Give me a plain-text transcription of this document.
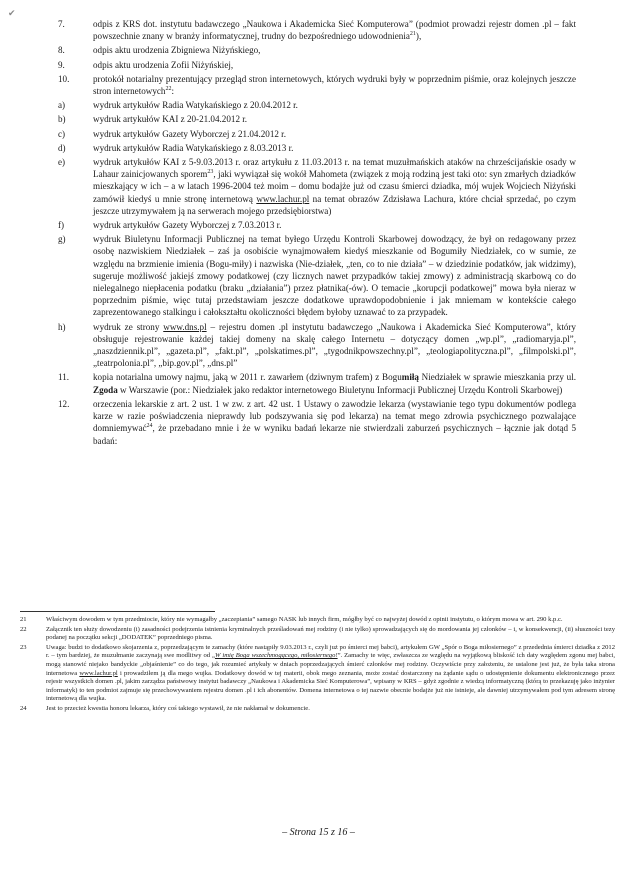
✔
7.	odpis z KRS dot. instytutu badawczego „Naukowa i Akademicka Sieć Komputerowa” (podmiot prowadzi rejestr domen .pl – fakt powszechnie znany w branży informatycznej, trudny do bezpośredniego udowodnienia$^{21}$),
8.	odpis aktu urodzenia Zbigniewa Niżyńskiego,
9.	odpis aktu urodzenia Zofii Niżyńskiej,
10.	protokół notarialny prezentujący przegląd stron internetowych, których wydruki były w poprzednim piśmie, oraz kolejnych jeszcze stron internetowych$^{22}$:
a)	wydruk artykułów Radia Watykańskiego z 20.04.2012 r.
b)	wydruk artykułów KAI z 20-21.04.2012 r.
c)	wydruk artykułów Gazety Wyborczej z 21.04.2012 r.
d)	wydruk artykułów Radia Watykańskiego z 8.03.2013 r.
e)	wydruk artykułów KAI z 5-9.03.2013 r. oraz artykułu z 11.03.2013 r. na temat muzułmańskich ataków na chrześcijańskie osady w Lahaur zainicjowanych sporem$^{23}$, jaki wywiązał się wokół Mahometa (związek z moją rodziną jest taki oto: syn zmarłych dziadków mieszkający w ich – a w latach 1996-2004 też moim – domu bodajże już od czasu śmierci dziadka, mój wujek Wojciech Niżyński zamówił kiedyś u mnie stronę internetową www.lachur.pl na temat obrazów Zdzisława Lachura, które chciał sprzedać, po czym jeszcze utrzymywałem ją na serwerach mojego przedsiębiorstwa)
f)	wydruk artykułów Gazety Wyborczej z 7.03.2013 r.
g)	wydruk Biuletynu Informacji Publicznej na temat byłego Urzędu Kontroli Skarbowej dowodzący, że był on redagowany przez osobę nazwiskiem Niedziałek – zaś ja osobiście wynajmowałem kiedyś mieszkanie od Bogumiły Niedziałek, co w sumie, ze względu na brzmienie imienia (Bogu-miły) i nazwiska (Nie-działek, „ten, co to nie działa” – w dziedzinie podatków, jak widzimy), sugeruje możliwość jakiejś zmowy podatkowej (czy licznych nawet przypadków takiej zmowy) z administracją skarbową co do nielegalnego niepłacenia podatku (braku „działania”) przez płatnika(-ów). O temacie „korupcji podatkowej” mowa była nieraz w poprzednim piśmie, więc tutaj przedstawiam jeszcze dodatkowe uprawdopodobnienie i jak mniemam w kontekście całego zaprezentowanego stalkingu i całokształtu okoliczności błędem byłoby uznawać to za przypadek.
h)	wydruk ze strony www.dns.pl – rejestru domen .pl instytutu badawczego „Naukowa i Akademicka Sieć Komputerowa”, który obsługuje rejestrowanie każdej takiej domeny na skalę całego Internetu – dotyczący domen „wp.pl”, „radiomaryja.pl”, „naszdziennik.pl”, „gazeta.pl”, „fakt.pl”, „polskatimes.pl”, „tygodnikpowszechny.pl”, „teologiapolityczna.pl”, „filmpolski.pl”, „teatrpolonia.pl”, „bip.gov.pl”, „dns.pl”
11.	kopia notarialna umowy najmu, jaką w 2011 r. zawarłem (dziwnym trafem) z Bogumiłą Niedziałek w sprawie mieszkania przy ul. Zgoda w Warszawie (por.: Niedziałek jako redaktor internetowego Biuletynu Informacji Publicznej Urzędu Kontroli Skarbowej)
12.	orzeczenia lekarskie z art. 2 ust. 1 w zw. z art. 42 ust. 1 Ustawy o zawodzie lekarza (wystawianie tego typu dokumentów podlega karze w razie poświadczenia nieprawdy lub podszywania się pod lekarza) na temat mego zdrowia psychicznego pozwalające domniemywać$^{24}$, że przebadano mnie i że w wyniku badań lekarze nie stwierdzali zaburzeń psychicznych – łącznie jak dotąd 5 badań:
21	Właściwym dowodem w tym przedmiocie, który nie wymagałby „zaczepiania” samego NASK lub innych firm, mógłby być co najwyżej dowód z opinii instytutu, o którym mowa w art. 290 k.p.c.
22	Załącznik ten służy dowodzeniu (i) zasadności podejrzenia istnienia kryminalnych prześladowań mej rodziny (i nie tylko) sprowadzających się do mordowania jej członków – i, w konsekwencji, (ii) słuszności tezy podanej na początku sekcji „DODATEK” poprzedniego pisma.
23	Uwaga: budzi to dodatkowo skojarzenia z, poprzedzającym te zamachy (które nastąpiły 9.03.2013 r., czyli już po śmierci mej babci), artykułem GW „Spór o Boga miłosiernego” z przedednia śmierci dziadka z 2012 r. – tym bardziej, że muzułmanie zaczynają swe modlitwy od „W imię Boga wszechmogącego, miłosiernego!”. Zamachy te więc, zwłaszcza ze względu na wyjątkową bliskość ich daty względem zgonu mej babci, mogą stanowić niejako bandyckie „objaśnienie” co do tego, jak rozumieć artykuły w dniach poprzedzających śmierć członków mej rodziny. Oczywiście przy założeniu, że ustalone jest już, że była taka strona internetowa www.lachur.pl i prowadziłem ją dla mego wujka. Dodatkowy dowód w tej materii, obok mego zeznania, może zostać dostarczony na żądanie sądu o udostępnienie dokumentu elektronicznego przez rejestr wszystkich domen .pl, jakim zarządza państwowy instytut badawczy „Naukowa i Akademicka Sieć Komputerowa”, wpisany w KRS – gdyż zgodnie z wiedzą informatyczną (którą to przekazuję jako inżynier informatyk) to ten podmiot zajmuje się przechowywaniem rejestru domen .pl i ich abonentów. Domena internetowa o tej nazwie obecnie bodajże już nie istnieje, ale dawniej utrzymywałem pod tym adresem stronę internetową dla wujka.
24	Jest to przecież kwestia honoru lekarza, który coś takiego wystawił, że nie nakłamał w dokumencie.
– Strona 15 z 16 –
